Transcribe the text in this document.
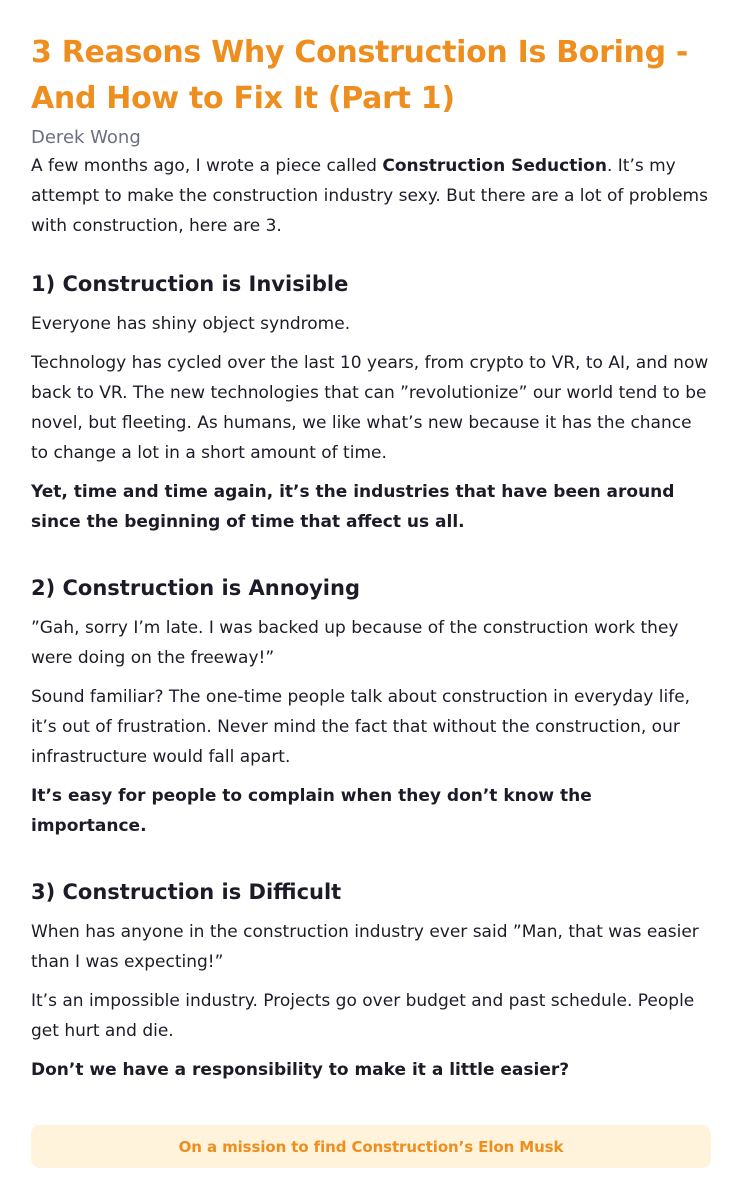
3 Reasons Why Construction Is Boring - And How to Fix It (Part 1)
Derek Wong

A few months ago, I wrote a piece called Construction Seduction. It’s my attempt to make the construction industry sexy. But there are a lot of problems with construction, here are 3.

1) Construction is Invisible

Everyone has shiny object syndrome.

Technology has cycled over the last 10 years, from crypto to VR, to AI, and now back to VR. The new technologies that can ”revolutionize” our world tend to be novel, but fleeting. As humans, we like what’s new because it has the chance to change a lot in a short amount of time.

Yet, time and time again, it’s the industries that have been around since the beginning of time that affect us all.

2) Construction is Annoying

”Gah, sorry I’m late. I was backed up because of the construction work they were doing on the freeway!”

Sound familiar? The one-time people talk about construction in everyday life, it’s out of frustration. Never mind the fact that without the construction, our infrastructure would fall apart.

It’s easy for people to complain when they don’t know the importance.

3) Construction is Difficult

When has anyone in the construction industry ever said ”Man, that was easier than I was expecting!”

It’s an impossible industry. Projects go over budget and past schedule. People get hurt and die.

Don’t we have a responsibility to make it a little easier?

On a mission to find Construction’s Elon Musk
